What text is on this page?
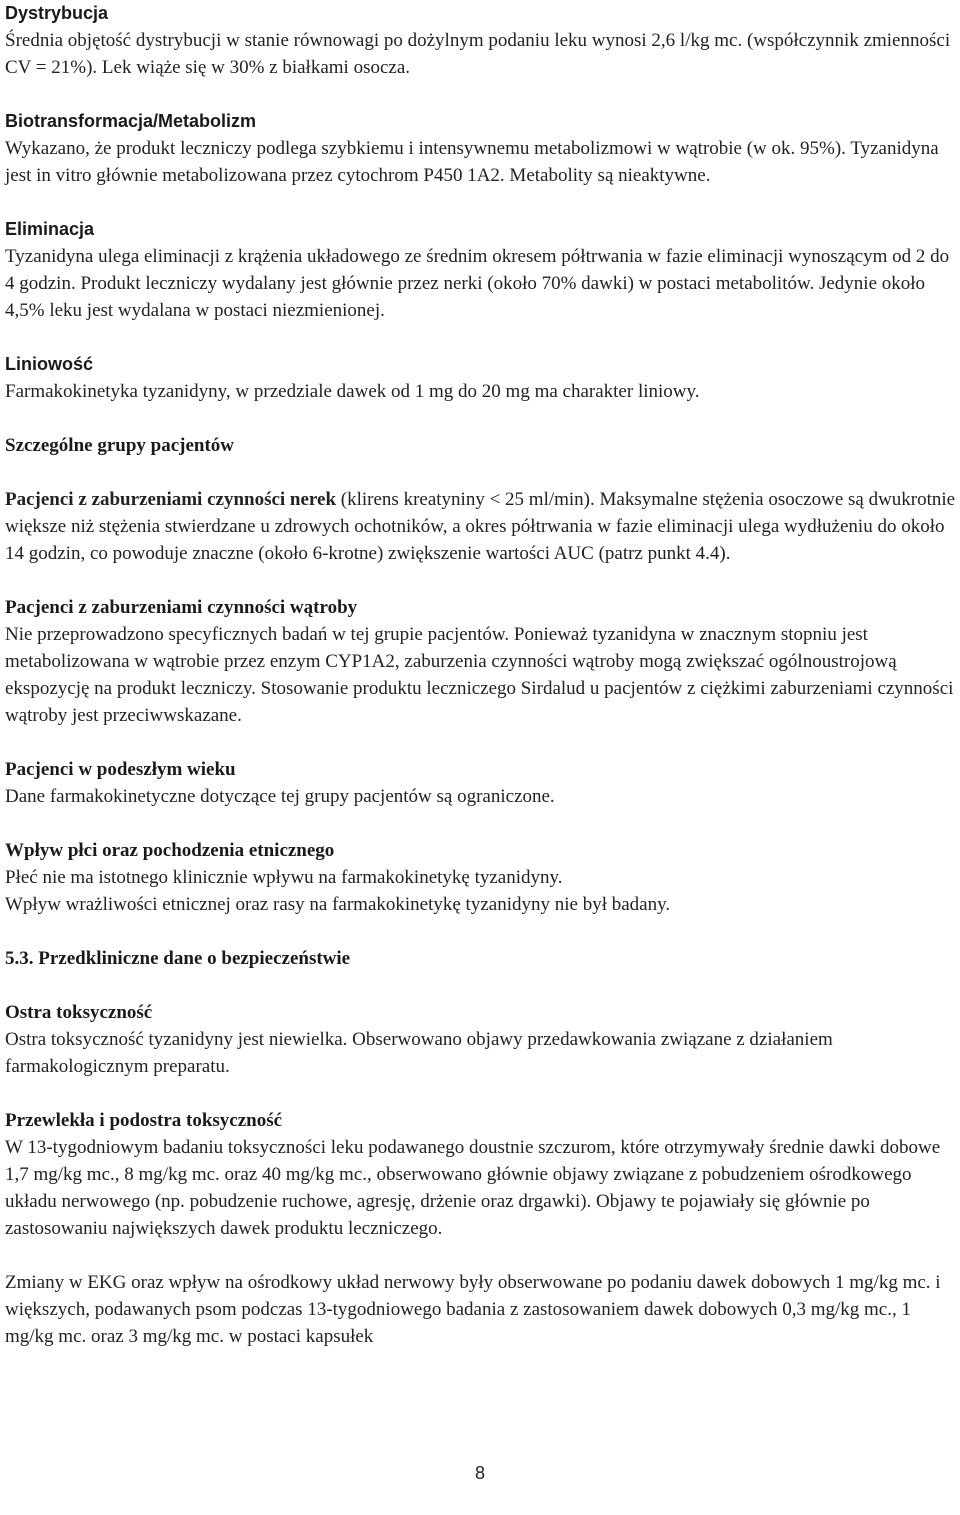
Dystrybucja
Średnia objętość dystrybucji w stanie równowagi po dożylnym podaniu leku wynosi 2,6 l/kg mc. (współczynnik zmienności CV = 21%). Lek wiąże się w 30% z białkami osocza.
Biotransformacja/Metabolizm
Wykazano, że produkt leczniczy podlega szybkiemu i intensywnemu metabolizmowi w wątrobie (w ok. 95%). Tyzanidyna jest in vitro głównie metabolizowana przez cytochrom P450 1A2. Metabolity są nieaktywne.
Eliminacja
Tyzanidyna ulega eliminacji z krążenia układowego ze średnim okresem półtrwania w fazie eliminacji wynoszącym od 2 do 4 godzin. Produkt leczniczy wydalany jest głównie przez nerki (około 70% dawki) w postaci metabolitów. Jedynie około 4,5% leku jest wydalana w postaci niezmienionej.
Liniowość
Farmakokinetyka tyzanidyny, w przedziale dawek od 1 mg do 20 mg ma charakter liniowy.
Szczególne grupy pacjentów
Pacjenci z zaburzeniami czynności nerek (klirens kreatyniny < 25 ml/min). Maksymalne stężenia osoczowe są dwukrotnie większe niż stężenia stwierdzane u zdrowych ochotników, a okres półtrwania w fazie eliminacji ulega wydłużeniu do około 14 godzin, co powoduje znaczne (około 6-krotne) zwiększenie wartości AUC (patrz punkt 4.4).
Pacjenci z zaburzeniami czynności wątroby
Nie przeprowadzono specyficznych badań w tej grupie pacjentów. Ponieważ tyzanidyna w znacznym stopniu jest metabolizowana w wątrobie przez enzym CYP1A2, zaburzenia czynności wątroby mogą zwiększać ogólnoustrojową ekspozycję na produkt leczniczy. Stosowanie produktu leczniczego Sirdalud u pacjentów z ciężkimi zaburzeniami czynności wątroby jest przeciwwskazane.
Pacjenci w podeszłym wieku
Dane farmakokinetyczne dotyczące tej grupy pacjentów są ograniczone.
Wpływ płci oraz pochodzenia etnicznego
Płeć nie ma istotnego klinicznie wpływu na farmakokinetykę tyzanidyny.
Wpływ wrażliwości etnicznej oraz rasy na farmakokinetykę tyzanidyny nie był badany.
5.3. Przedkliniczne dane o bezpieczeństwie
Ostra toksyczność
Ostra toksyczność tyzanidyny jest niewielka. Obserwowano objawy przedawkowania związane z działaniem farmakologicznym preparatu.
Przewlekła i podostra toksyczność
W 13-tygodniowym badaniu toksyczności leku podawanego doustnie szczurom, które otrzymywały średnie dawki dobowe 1,7 mg/kg mc., 8 mg/kg mc. oraz 40 mg/kg mc., obserwowano głównie objawy związane z pobudzeniem ośrodkowego układu nerwowego (np. pobudzenie ruchowe, agresję, drżenie oraz drgawki). Objawy te pojawiały się głównie po zastosowaniu największych dawek produktu leczniczego.
Zmiany w EKG oraz wpływ na ośrodkowy układ nerwowy były obserwowane po podaniu dawek dobowych 1 mg/kg mc. i większych, podawanych psom podczas 13-tygodniowego badania z zastosowaniem dawek dobowych 0,3 mg/kg mc., 1 mg/kg mc. oraz 3 mg/kg mc. w postaci kapsułek
8
